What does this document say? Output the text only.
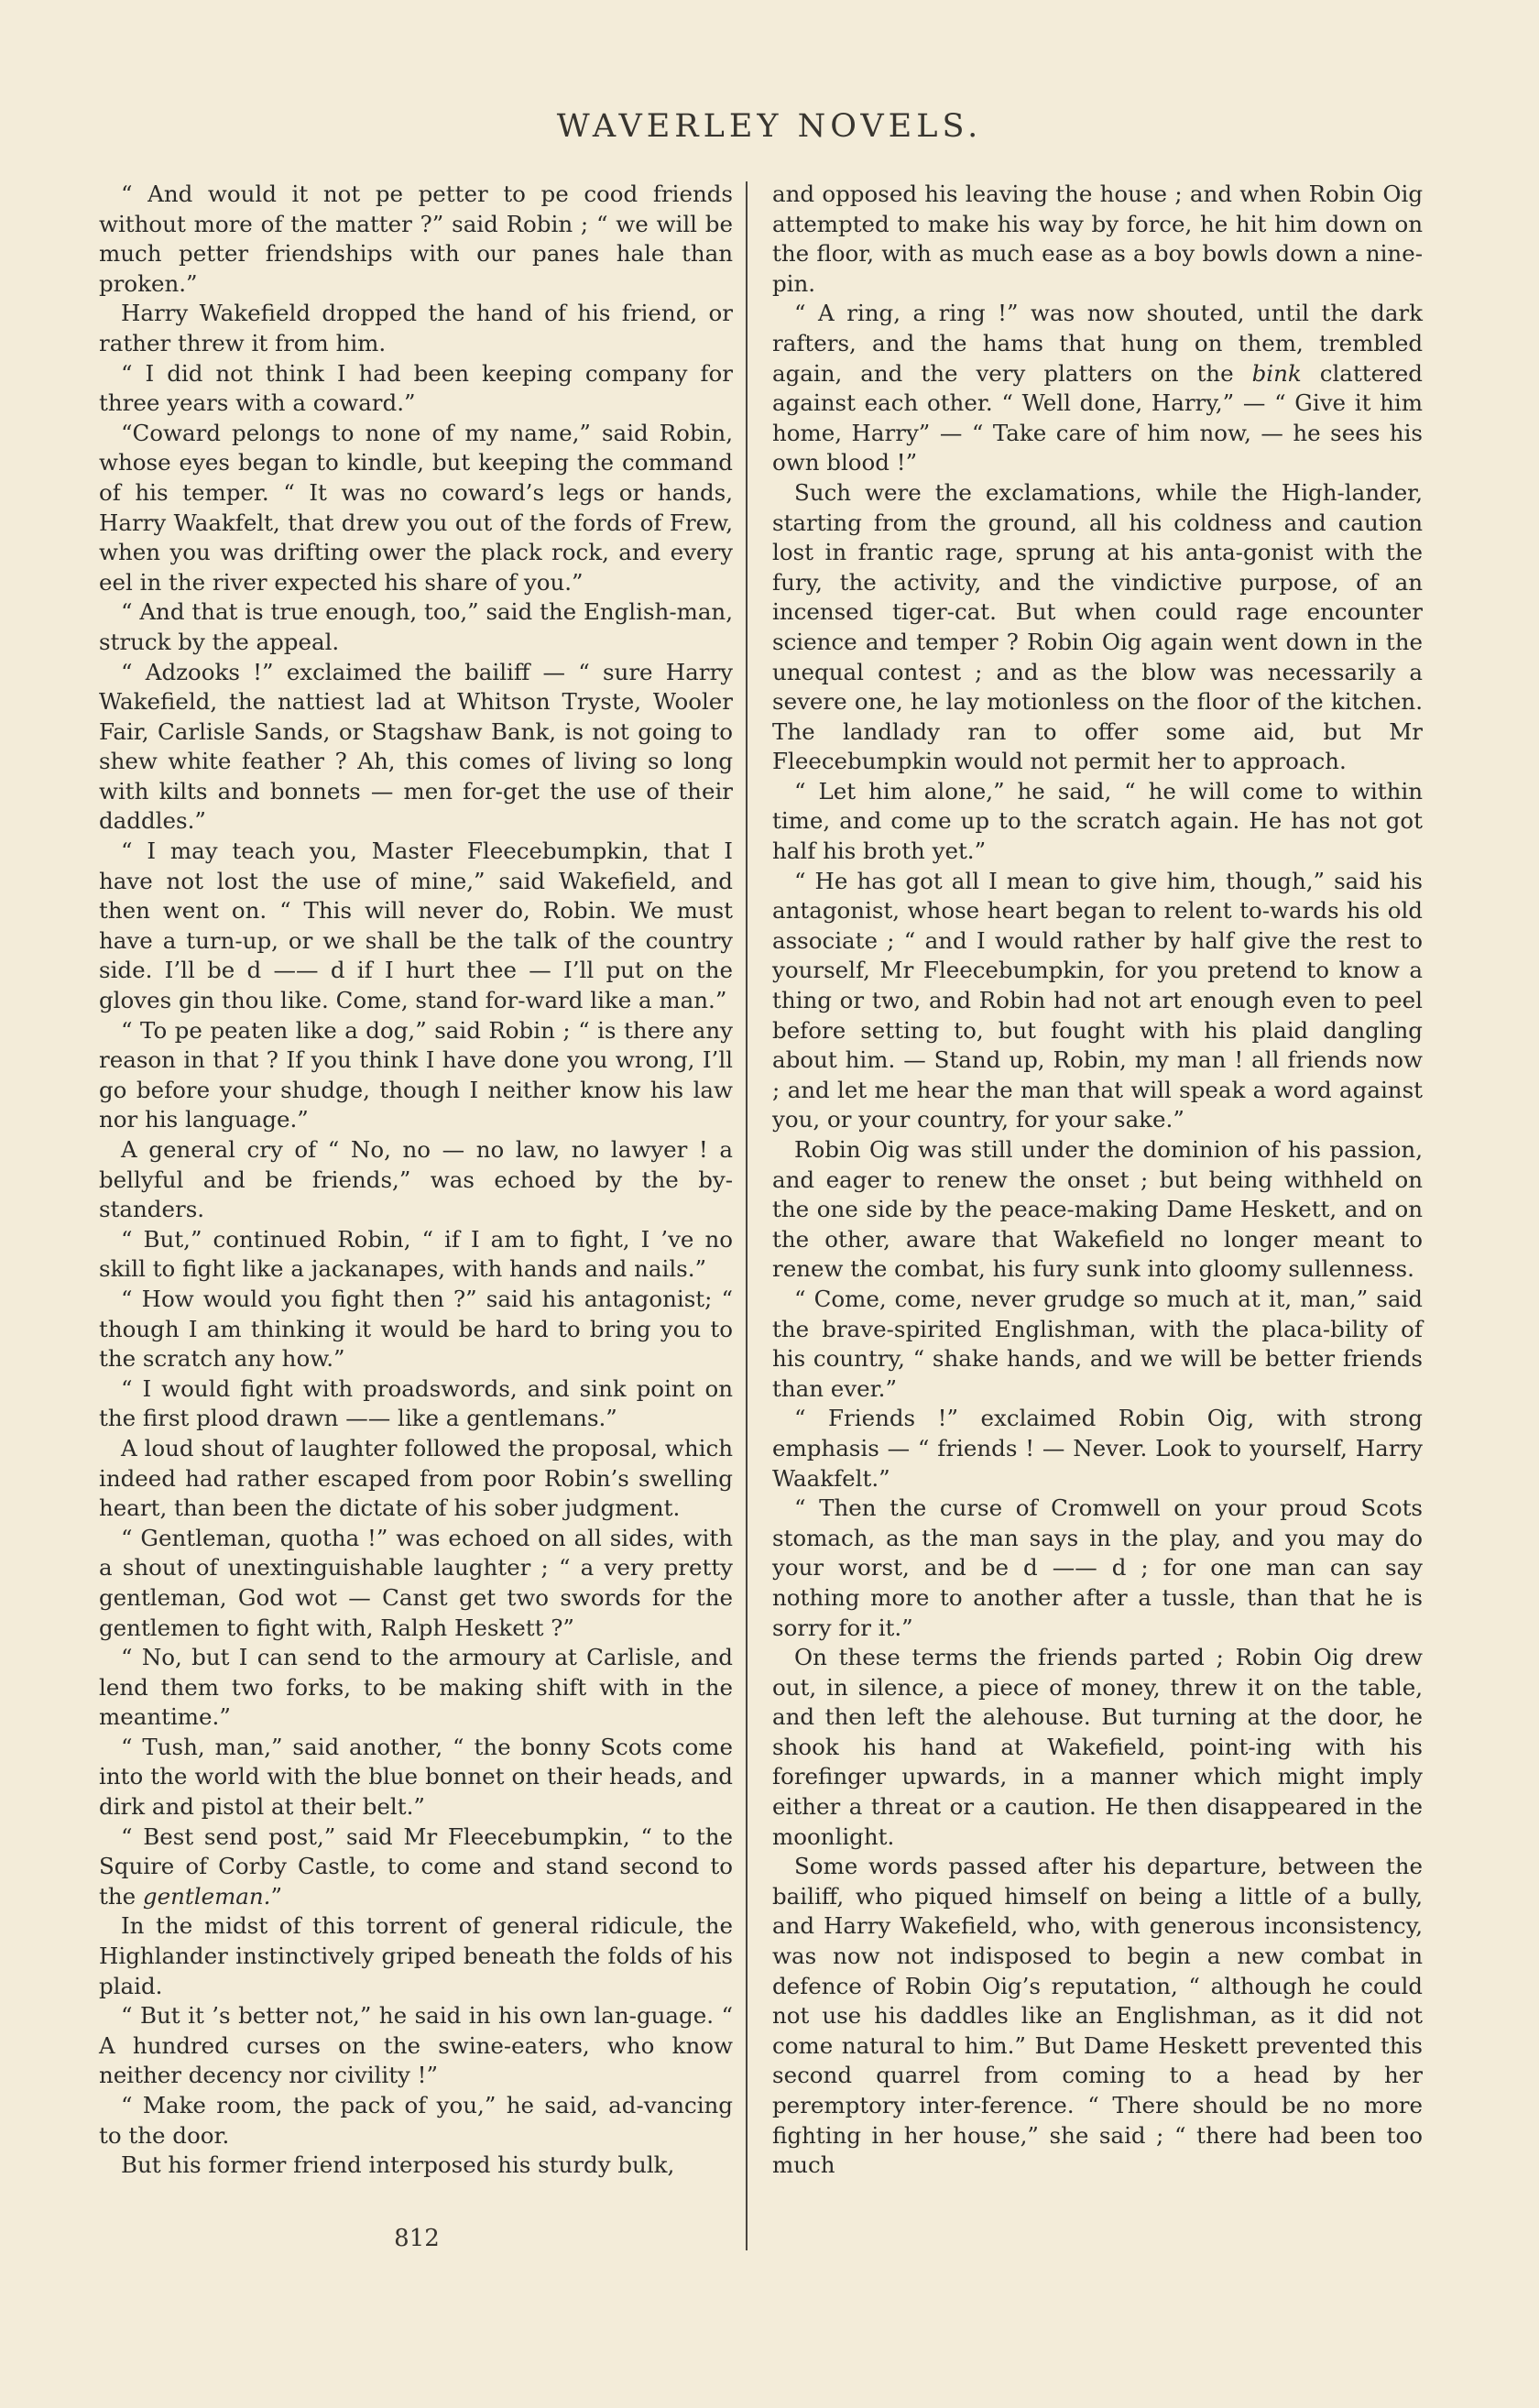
WAVERLEY NOVELS.

“ And would it not pe petter to pe cood friends without more of the matter ?” said Robin ; “ we will be much petter friendships with our panes hale than proken.”

Harry Wakefield dropped the hand of his friend, or rather threw it from him.

“ I did not think I had been keeping company for three years with a coward.”

“Coward pelongs to none of my name,” said Robin, whose eyes began to kindle, but keeping the command of his temper. “ It was no coward’s legs or hands, Harry Waakfelt, that drew you out of the fords of Frew, when you was drifting ower the plack rock, and every eel in the river expected his share of you.”

“ And that is true enough, too,” said the English-man, struck by the appeal.

“ Adzooks !” exclaimed the bailiff — “ sure Harry Wakefield, the nattiest lad at Whitson Tryste, Wooler Fair, Carlisle Sands, or Stagshaw Bank, is not going to shew white feather ? Ah, this comes of living so long with kilts and bonnets — men for-get the use of their daddles.”

“ I may teach you, Master Fleecebumpkin, that I have not lost the use of mine,” said Wakefield, and then went on. “ This will never do, Robin. We must have a turn-up, or we shall be the talk of the country side. I’ll be d —— d if I hurt thee — I’ll put on the gloves gin thou like. Come, stand for-ward like a man.”

“ To pe peaten like a dog,” said Robin ; “ is there any reason in that ? If you think I have done you wrong, I’ll go before your shudge, though I neither know his law nor his language.”

A general cry of “ No, no — no law, no lawyer ! a bellyful and be friends,” was echoed by the by-standers.

“ But,” continued Robin, “ if I am to fight, I ’ve no skill to fight like a jackanapes, with hands and nails.”

“ How would you fight then ?” said his antagonist; “ though I am thinking it would be hard to bring you to the scratch any how.”

“ I would fight with proadswords, and sink point on the first plood drawn —— like a gentlemans.”

A loud shout of laughter followed the proposal, which indeed had rather escaped from poor Robin’s swelling heart, than been the dictate of his sober judgment.

“ Gentleman, quotha !” was echoed on all sides, with a shout of unextinguishable laughter ; “ a very pretty gentleman, God wot — Canst get two swords for the gentlemen to fight with, Ralph Heskett ?”

“ No, but I can send to the armoury at Carlisle, and lend them two forks, to be making shift with in the meantime.”

“ Tush, man,” said another, “ the bonny Scots come into the world with the blue bonnet on their heads, and dirk and pistol at their belt.”

“ Best send post,” said Mr Fleecebumpkin, “ to the Squire of Corby Castle, to come and stand second to the gentleman.”

In the midst of this torrent of general ridicule, the Highlander instinctively griped beneath the folds of his plaid.

“ But it ’s better not,” he said in his own lan-guage. “ A hundred curses on the swine-eaters, who know neither decency nor civility !”

“ Make room, the pack of you,” he said, ad-vancing to the door.

But his former friend interposed his sturdy bulk,

and opposed his leaving the house ; and when Robin Oig attempted to make his way by force, he hit him down on the floor, with as much ease as a boy bowls down a nine-pin.

“ A ring, a ring !” was now shouted, until the dark rafters, and the hams that hung on them, trembled again, and the very platters on the bink clattered against each other. “ Well done, Harry,” — “ Give it him home, Harry” — “ Take care of him now, — he sees his own blood !”

Such were the exclamations, while the High-lander, starting from the ground, all his coldness and caution lost in frantic rage, sprung at his anta-gonist with the fury, the activity, and the vindictive purpose, of an incensed tiger-cat. But when could rage encounter science and temper ? Robin Oig again went down in the unequal contest ; and as the blow was necessarily a severe one, he lay motionless on the floor of the kitchen. The landlady ran to offer some aid, but Mr Fleecebumpkin would not permit her to approach.

“ Let him alone,” he said, “ he will come to within time, and come up to the scratch again. He has not got half his broth yet.”

“ He has got all I mean to give him, though,” said his antagonist, whose heart began to relent to-wards his old associate ; “ and I would rather by half give the rest to yourself, Mr Fleecebumpkin, for you pretend to know a thing or two, and Robin had not art enough even to peel before setting to, but fought with his plaid dangling about him. — Stand up, Robin, my man ! all friends now ; and let me hear the man that will speak a word against you, or your country, for your sake.”

Robin Oig was still under the dominion of his passion, and eager to renew the onset ; but being withheld on the one side by the peace-making Dame Heskett, and on the other, aware that Wakefield no longer meant to renew the combat, his fury sunk into gloomy sullenness.

“ Come, come, never grudge so much at it, man,” said the brave-spirited Englishman, with the placa-bility of his country, “ shake hands, and we will be better friends than ever.”

“ Friends !” exclaimed Robin Oig, with strong emphasis — “ friends ! — Never. Look to yourself, Harry Waakfelt.”

“ Then the curse of Cromwell on your proud Scots stomach, as the man says in the play, and you may do your worst, and be d —— d ; for one man can say nothing more to another after a tussle, than that he is sorry for it.”

On these terms the friends parted ; Robin Oig drew out, in silence, a piece of money, threw it on the table, and then left the alehouse. But turning at the door, he shook his hand at Wakefield, point-ing with his forefinger upwards, in a manner which might imply either a threat or a caution. He then disappeared in the moonlight.

Some words passed after his departure, between the bailiff, who piqued himself on being a little of a bully, and Harry Wakefield, who, with generous inconsistency, was now not indisposed to begin a new combat in defence of Robin Oig’s reputation, “ although he could not use his daddles like an Englishman, as it did not come natural to him.” But Dame Heskett prevented this second quarrel from coming to a head by her peremptory inter-ference. “ There should be no more fighting in her house,” she said ; “ there had been too much

812
